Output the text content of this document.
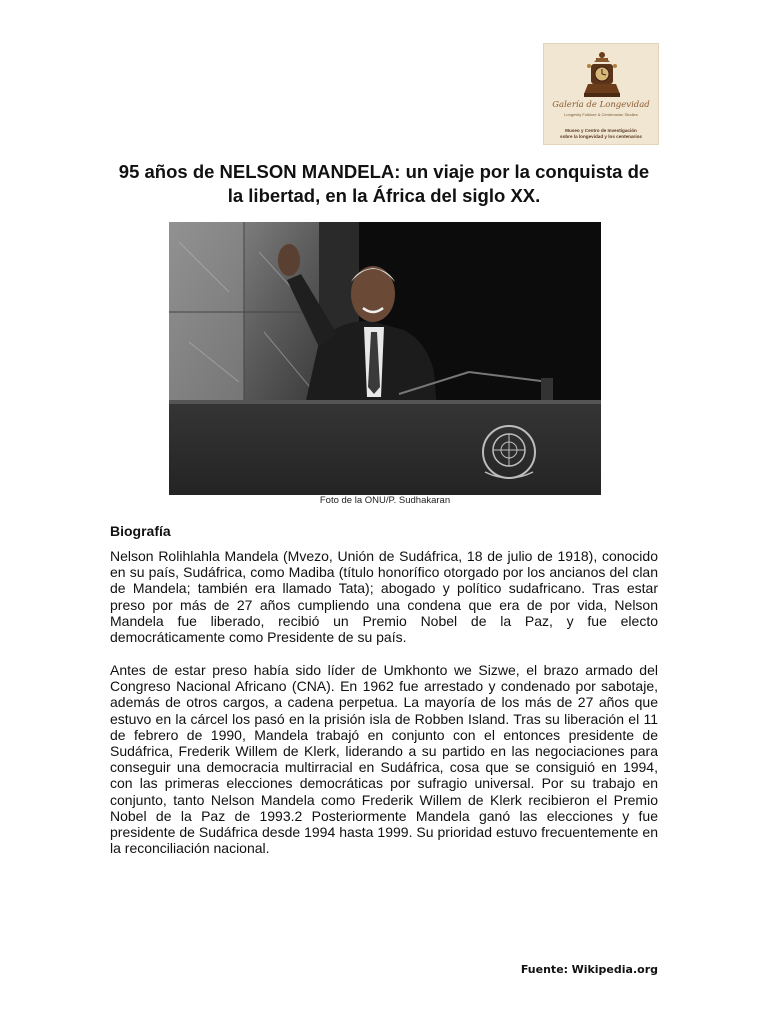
Galería de Longevidad
Longevity Folklore & Centenarian Studies
Museo y Centro de Investigación
sobre la longevidad y los centenarios
95 años de NELSON MANDELA: un viaje por la conquista de la libertad, en la África del siglo XX.
Foto de la ONU/P. Sudhakaran
Biografía

Nelson Rolihlahla Mandela (Mvezo, Unión de Sudáfrica, 18 de julio de 1918), conocido en su país, Sudáfrica, como Madiba (título honorífico otorgado por los ancianos del clan de Mandela; también era llamado Tata); abogado y político sudafricano. Tras estar preso por más de 27 años cumpliendo una condena que era de por vida, Nelson Mandela fue liberado, recibió un Premio Nobel de la Paz, y fue electo democráticamente como Presidente de su país.

Antes de estar preso había sido líder de Umkhonto we Sizwe, el brazo armado del Congreso Nacional Africano (CNA). En 1962 fue arrestado y condenado por sabotaje, además de otros cargos, a cadena perpetua. La mayoría de los más de 27 años que estuvo en la cárcel los pasó en la prisión isla de Robben Island. Tras su liberación el 11 de febrero de 1990, Mandela trabajó en conjunto con el entonces presidente de Sudáfrica, Frederik Willem de Klerk, liderando a su partido en las negociaciones para conseguir una democracia multirracial en Sudáfrica, cosa que se consiguió en 1994, con las primeras elecciones democráticas por sufragio universal. Por su trabajo en conjunto, tanto Nelson Mandela como Frederik Willem de Klerk recibieron el Premio Nobel de la Paz de 1993.2 Posteriormente Mandela ganó las elecciones y fue presidente de Sudáfrica desde 1994 hasta 1999. Su prioridad estuvo frecuentemente en la reconciliación nacional.

Fuente: Wikipedia.org
